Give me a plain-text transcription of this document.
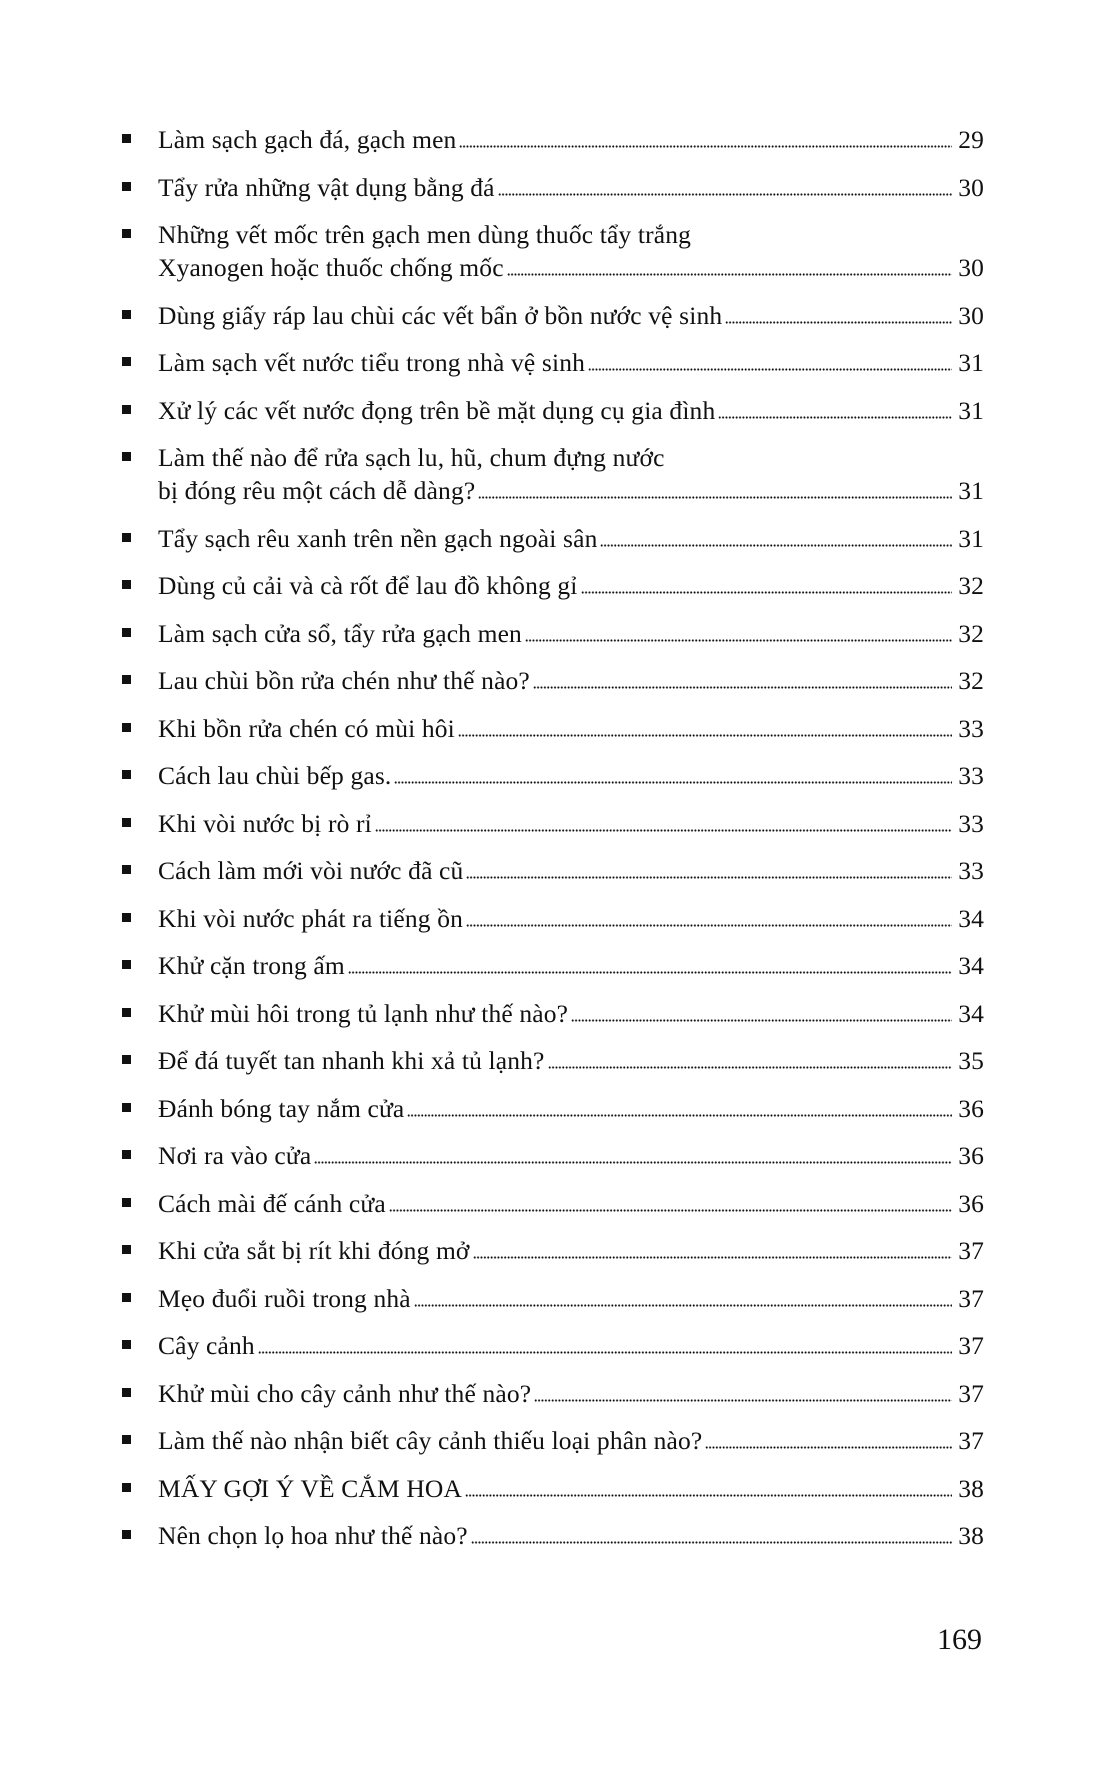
Làm sạch gạch đá, gạch men	29
Tẩy rửa những vật dụng bằng đá	30
Những vết mốc trên gạch men dùng thuốc tẩy trắng
Xyanogen hoặc thuốc chống mốc	30
Dùng giấy ráp lau chùi các vết bẩn ở bồn nước vệ sinh	30
Làm sạch vết nước tiểu trong nhà vệ sinh	31
Xử lý các vết nước đọng trên bề mặt dụng cụ gia đình	31
Làm thế nào để rửa sạch lu, hũ, chum đựng nước
bị đóng rêu một cách dễ dàng?	31
Tẩy sạch rêu xanh trên nền gạch ngoài sân	31
Dùng củ cải và cà rốt để lau đồ không gỉ	32
Làm sạch cửa sổ, tẩy rửa gạch men	32
Lau chùi bồn rửa chén như thế nào?	32
Khi bồn rửa chén có mùi hôi	33
Cách lau chùi bếp gas.	33
Khi vòi nước bị rò rỉ	33
Cách làm mới vòi nước đã cũ	33
Khi vòi nước phát ra tiếng ồn	34
Khử cặn trong ấm	34
Khử mùi hôi trong tủ lạnh như thế nào?	34
Để đá tuyết tan nhanh khi xả tủ lạnh?	35
Đánh bóng tay nắm cửa	36
Nơi ra vào cửa	36
Cách mài đế cánh cửa	36
Khi cửa sắt bị rít khi đóng mở	37
Mẹo đuổi ruồi trong nhà	37
Cây cảnh	37
Khử mùi cho cây cảnh như thế nào?	37
Làm thế nào nhận biết cây cảnh thiếu loại phân nào?	37
MẤY GỢI Ý VỀ CẮM HOA	38
Nên chọn lọ hoa như thế nào?	38
169
